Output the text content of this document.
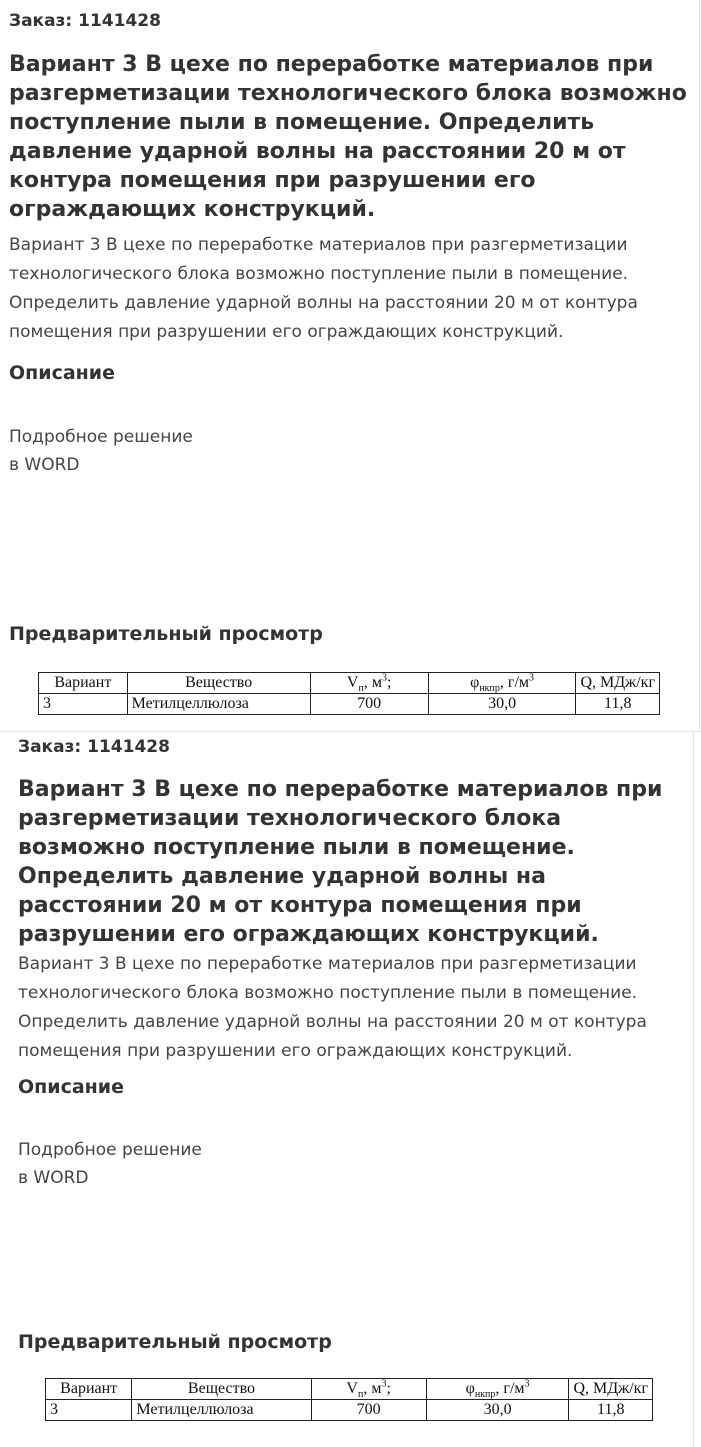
Заказ: 1141428
Вариант 3 В цехе по переработке материалов при разгерметизации технологического блока возможно поступление пыли в помещение. Определить давление ударной волны на расстоянии 20 м от контура помещения при разрушении его ограждающих конструкций.
Вариант 3 В цехе по переработке материалов при разгерметизации технологического блока возможно поступление пыли в помещение. Определить давление ударной волны на расстоянии 20 м от контура помещения при разрушении его ограждающих конструкций.
Описание
Подробное решение
в WORD
Предварительный просмотр
Вариант	Вещество	$V_п$, $м^3$;	$\varphi_{нкпр}$, $г/м^3$	Q, МДж/кг
3	Метилцеллюлоза	700	30,0	11,8
Заказ: 1141428
Вариант 3 В цехе по переработке материалов при разгерметизации технологического блока возможно поступление пыли в помещение. Определить давление ударной волны на расстоянии 20 м от контура помещения при разрушении его ограждающих конструкций.
Вариант 3 В цехе по переработке материалов при разгерметизации технологического блока возможно поступление пыли в помещение. Определить давление ударной волны на расстоянии 20 м от контура помещения при разрушении его ограждающих конструкций.
Описание
Подробное решение
в WORD
Предварительный просмотр
Вариант	Вещество	$V_п$, $м^3$;	$\varphi_{нкпр}$, $г/м^3$	Q, МДж/кг
3	Метилцеллюлоза	700	30,0	11,8
